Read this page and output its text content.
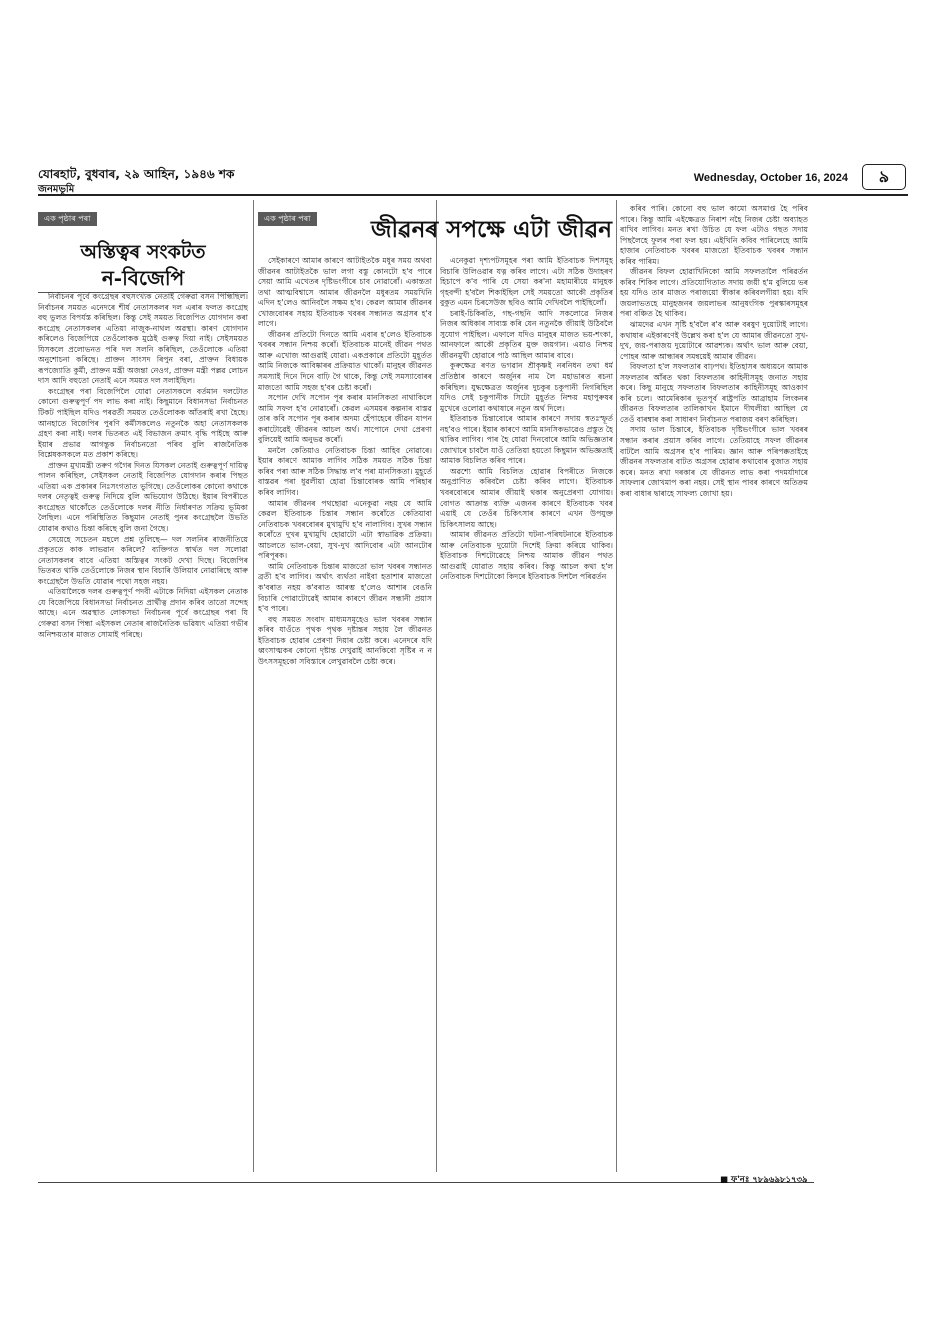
যোৰহাট, বুধবাৰ, ২৯ আহিন, ১৯৪৬ শক
জনমভূমি
Wednesday, October 16, 2024	৯
এক পৃষ্ঠাৰ পৰা
অস্তিত্বৰ সংকটত
ন-বিজেপি

নিৰ্বাচনৰ পূৰ্বে কংগ্ৰেছৰ বহুসংখ্যক নেতাই গেৰুৱা বসন পিন্ধিছিল। নিৰ্বাচনৰ সময়ত এনেদৰে শীৰ্ষ নেতাসকলৰ দল এৰাৰ ফলত কংগ্ৰেছ বহু ভুলত বিপৰ্যস্ত কৰিছিল। কিন্তু সেই সময়ত বিজেপিত যোগদান কৰা কংগ্ৰেছ নেতাসকলৰ এতিয়া নাজুক-নাথল অৱস্থা। কাৰণ যোগদান কৰিলেও বিজেপিয়ে তেওঁলোকক মুঠেই গুৰুত্ব দিয়া নাই। সেইসময়ত যিসকলে প্ৰলোভনত পৰি দল সলনি কৰিছিল, তেওঁলোকে এতিয়া অনুশোচনা কৰিছে। প্ৰাক্তন সাংসদ ৰিপুন বৰা, প্ৰাক্তন বিধায়ক ৰূপজ্যোতি কুৰ্মী, প্ৰাক্তন মন্ত্ৰী অজন্তা নেওগ, প্ৰাক্তন মন্ত্ৰী পল্লৱ লোচন দাস আদি বহুতো নেতাই এনে সময়ত দল সলাইছিল।

কংগ্ৰেছৰ পৰা বিজেপিলৈ যোৱা নেতাসকলে বৰ্তমান দলটোত কোনো গুৰুত্বপূৰ্ণ পদ লাভ কৰা নাই। কিছুমানে বিধানসভা নিৰ্বাচনত টিকট পাইছিল যদিও পৰৱৰ্তী সময়ত তেওঁলোকক আঁতৰাই ৰখা হৈছে। আনহাতে বিজেপিৰ পুৰণি কৰ্মীসকলেও নতুনকৈ অহা নেতাসকলক গ্ৰহণ কৰা নাই। দলৰ ভিতৰত এই বিভাজন ক্ৰমাৎ বৃদ্ধি পাইছে আৰু ইয়াৰ প্ৰভাৱ আগন্তুক নিৰ্বাচনতো পৰিব বুলি ৰাজনৈতিক বিশ্লেষকসকলে মত প্ৰকাশ কৰিছে।

প্ৰাক্তন মুখ্যমন্ত্ৰী তৰুণ গগৈৰ দিনত যিসকল নেতাই গুৰুত্বপূৰ্ণ দায়িত্ব পালন কৰিছিল, সেইসকল নেতাই বিজেপিত যোগদান কৰাৰ পিছত এতিয়া এক প্ৰকাৰৰ নিঃসংগতাত ভুগিছে। তেওঁলোকৰ কোনো কথাকে দলৰ নেতৃত্বই গুৰুত্ব নিদিয়ে বুলি অভিযোগ উঠিছে। ইয়াৰ বিপৰীতে কংগ্ৰেছত থাকোঁতে তেওঁলোকে দলৰ নীতি নিৰ্ধাৰণত সক্ৰিয় ভূমিকা লৈছিল। এনে পৰিস্থিতিত কিছুমান নেতাই পুনৰ কংগ্ৰেছলৈ উভতি যোৱাৰ কথাও চিন্তা কৰিছে বুলি জনা গৈছে।

সেয়েহে সচেতন মহলে প্ৰশ্ন তুলিছে— দল সলনিৰ ৰাজনীতিয়ে প্ৰকৃততে কাক লাভৱান কৰিলে? ব্যক্তিগত স্বাৰ্থত দল সলোৱা নেতাসকলৰ বাবে এতিয়া অস্তিত্বৰ সংকট দেখা দিছে। বিজেপিৰ ভিতৰত থাকি তেওঁলোকে নিজৰ স্থান বিচাৰি উলিয়াব নোৱাৰিছে আৰু কংগ্ৰেছলৈ উভতি যোৱাৰ পথো সহজ নহয়।

এতিয়ালৈকে দলৰ গুৰুত্বপূৰ্ণ পদবী এটাকে নিদিয়া এইসকল নেতাক যে বিজেপিয়ে বিধানসভা নিৰ্বাচনত প্ৰাৰ্থীত্ব প্ৰদান কৰিব তাতো সন্দেহ আছে। এনে অৱস্থাত লোকসভা নিৰ্বাচনৰ পূৰ্বে কংগ্ৰেছৰ পৰা যি গেৰুৱা বসন পিন্ধা এইসকল নেতাৰ ৰাজনৈতিক ভৱিষ্যৎ এতিয়া গভীৰ অনিশ্চয়তাৰ মাজত সোমাই পৰিছে।

এক পৃষ্ঠাৰ পৰা	জীৱনৰ সপক্ষে এটা জীৱন

সেইকাৰণে আমাৰ কাৰণে আটাইতকৈ মধুৰ সময় অথবা জীৱনৰ আটাইতকৈ ভাল লগা বস্তু কোনটো হ'ব পাৰে সেয়া আমি এখেতৰ দৃষ্টিভংগীৰে চাব নোৱাৰোঁ। একান্ততা তথা আত্মবিশ্বাসে আমাৰ জীৱনলৈ মধুৰতম সময়খিনি এদিন হ'লেও আনিবলৈ সক্ষম হ'ব। কেৱল আমাৰ জীৱনৰ খোজবোৰৰ সহায় ইতিবাচক খবৰৰ সন্ধানত অগ্ৰসৰ হ'ব লাগে।

জীৱনৰ প্ৰতিটো দিনতে আমি এবাৰ হ'লেও ইতিবাচক খবৰৰ সন্ধান নিশ্চয় কৰোঁ। ইতিবাচক মানেই জীৱন পথত আৰু এখোজ আগুৱাই যোৱা। একপ্ৰকাৰে প্ৰতিটো মুহূৰ্তত আমি নিজকে আবিষ্কাৰৰ প্ৰক্ৰিয়াত থাকোঁ। মানুহৰ জীৱনত সমস্যাই দিনে দিনে বাঢ়ি গৈ থাকে, কিন্তু সেই সমস্যাবোৰৰ মাজতো আমি সহজ হ'বৰ চেষ্টা কৰোঁ।

সপোন দেখি সপোন পূৰ কৰাৰ মানসিকতা নাথাকিলে আমি সফল হ'ব নোৱাৰোঁ। কেৱল এসময়ৰ কল্পনাৰ বাস্তৱ তাৰ কবি সপোন পূৰ কৰাৰ অদম্য হেঁপাহেৰে জীৱন যাপন কৰাটোৱেই জীৱনৰ আচল অৰ্থ। সাপোনে দেখা প্ৰেৰণা বুলিয়েই আমি অনুভৱ কৰোঁ।

মনলৈ কেতিয়াও নেতিবাচক চিন্তা আহিব নোৱাৰে। ইয়াৰ কাৰণে আমাক লাগিব সঠিক সময়ত সঠিক চিন্তা কৰিব পৰা আৰু সঠিক সিদ্ধান্ত ল'ব পৰা মানসিকতা। মুহূৰ্তে বাস্তৱৰ পৰা ধুৱলীয়া হোৱা চিন্তাবোৰক আমি পৰিহাৰ কৰিব লাগিব।

আমাৰ জীৱনৰ পথছোৱা এনেকুৱা নহয় যে আমি কেৱল ইতিবাচক চিন্তাৰ সন্ধান কৰোঁতে কেতিয়াবা নেতিবাচক খবৰবোৰৰ মুখামুখি হ'ব নালাগিব। সুখৰ সন্ধান কৰোঁতে দুখৰ মুখামুখি হোৱাটো এটা স্বাভাৱিক প্ৰক্ৰিয়া। আচলতে ভাল-বেয়া, সুখ-দুখ আদিবোৰ এটা আনটোৰ পৰিপূৰক।

আমি নেতিবাচক চিন্তাৰ মাজতো ভাল খবৰৰ সন্ধানত ব্ৰতী হ'ব লাগিব। অৰ্থাৎ ব্যৰ্থতা নাইবা হতাশাৰ মাজতো ক'বৰাত নহয় ক'বৰাত আৰম্ভ হ'লেও আশাৰ বেঙনি বিচাৰি পোৱাটোৱেই আমাৰ কাৰণে জীৱন সন্ধানী প্ৰয়াস হ'ব পাৰে।

বহু সময়ত সংবাদ মাধ্যমসমূহেও ভাল খবৰৰ সন্ধান কৰিব যাওঁতে পৃথক পৃথক দৃষ্টান্তৰ সহায় লৈ জীৱনত ইতিবাচক হোৱাৰ প্ৰেৰণা দিয়াৰ চেষ্টা কৰে। এনেদৰে যদি ধ্বংসাত্মকৰ কোনো দৃষ্টান্ত দেখুৱাই আনকিবো সৃষ্টিৰ ন ন উৎসসমূহকো সবিস্তাৰে লেখুৱাবলৈ চেষ্টা কৰে।

এনেকুৱা দৃশ্যপটসমূহৰ পৰা আমি ইতিবাচক দিশসমূহ বিচাৰি উলিওৱাৰ যত্ন কৰিব লাগে। এটা সঠিক উদাহৰণ হিচাপে ক'ব পাৰি যে সেয়া কৰ'না মহামাৰীয়ে মানুহক গৃহবন্দী হ'বলৈ শিকাইছিল সেই সময়তো আকৌ প্ৰকৃতিৰ বুকুত এমন চিৰসেউজ ছবিও আমি দেখিবলৈ পাইছিলোঁ।

চৰাই-চিকিৰতি, গছ-গছনি আদি সকলোৱে নিজৰ নিজৰ অধিকাৰ সাব্যস্ত কৰি যেন নতুনকৈ জীয়াই উঠিবলৈ সুযোগ পাইছিল। এফালে যদিও মানুহৰ মাজত ভয়-শংকা, আনফালে আকৌ প্ৰকৃতিৰ মুক্ত জয়গান। এয়াও নিশ্চয় জীৱনমুখী হোৱাৰে পাঠ আছিল আমাৰ বাবে।

কুৰুক্ষেত্ৰ ৰণত ভগৱান শ্ৰীকৃষ্ণই নৰনিধন তথা ধৰ্ম প্ৰতিষ্ঠাৰ কাৰণে অৰ্জুনৰ নাম লৈ মহাভাৰত ৰচনা কৰিছিল। যুদ্ধক্ষেত্ৰত অৰ্জুনৰ দুচকুৰ চকুপানী নিগৰিছিল যদিও সেই চকুপানীক সিটো মুহূৰ্তত নিশ্চয় মহাপুৰুষৰ মুখেৰে ওলোৱা কথাষাৰে নতুন অৰ্থ দিলে।

ইতিবাচক চিন্তাবোৰে আমাৰ কাৰণে সদায় স্বতঃস্ফূৰ্ত নহ'বও পাৰে। ইয়াৰ কাৰণে আমি মানসিকভাৱেও প্ৰস্তুত হৈ থাকিব লাগিব। পাৰ হৈ যোৱা দিনবোৰে আমি অভিজ্ঞতাৰ জোখাৰে চাবলৈ যাওঁ তেতিয়া হয়তো কিছুমান অভিজ্ঞতাই আমাক বিচলিত কৰিব পাৰে।

অৱশ্যে আমি বিচলিত হোৱাৰ বিপৰীতে নিজকে অনুপ্ৰাণিত কৰিবলৈ চেষ্টা কৰিব লাগে। ইতিবাচক খবৰবোৰৰে আমাৰ জীয়াই থকাৰ অনুপ্ৰেৰণা যোগায়। বোগত আক্ৰান্ত ব্যক্তি এজনৰ কাৰণে ইতিবাচক খবৰ এয়াই যে তেওঁৰ চিকিৎসাৰ কাৰণে এখন উপযুক্ত চিকিৎসালয় আছে।

আমাৰ জীৱনত প্ৰতিটো ঘটনা-পৰিঘটনাৰে ইতিবাচক আৰু নেতিবাচক দুয়োটা দিশেই ক্ৰিয়া কৰিয়ে থাকিব। ইতিবাচক দিশটোৱেহে নিশ্চয় আমাক জীৱন পথত আগুৱাই যোৱাত সহায় কৰিব। কিন্তু আচল কথা হ'ল নেতিবাচক দিশটোকো কিদৰে ইতিবাচক দিশলৈ পৰিৱৰ্তন

কৰিব পাৰি। কোনো বহু ভাল কামো অসমাপ্ত হৈ পৰিব পাৰে। কিন্তু আমি এইক্ষেত্ৰত নিৰাশ নহৈ নিজৰ চেষ্টা অব্যাহত ৰাখিব লাগিব। মনত ৰখা উচিত যে ফল এটাও গছত সদায় পিছলৈহে ফুলৰ পৰা ফল হয়। এইখিনি কবিব পাৰিলেহে আমি হাজাৰ নেতিবাচক খবৰৰ মাজতো ইতিবাচক খবৰৰ সন্ধান কৰিব পাৰিম।

জীৱনৰ বিফল হোৱাখিনিকো আমি সফলতালৈ পৰিৱৰ্তন কৰিব শিকিব লাগে। প্ৰতিযোগিতাত সদায় জয়ী হ'ম বুলিয়ে ভৰ হয় যদিও তাৰ মাজত পৰাজয়ো স্বীকাৰ কৰিবলগীয়া হয়। যদি জয়লাভতহে মানুহজনৰ জয়লাভৰ আনুষংগিক পুৰস্কাৰসমূহৰ পৰা বঞ্চিত হৈ থাকিব।

ঝামদেৱ এখন সৃষ্টি হ'বলৈ ৰ'ব আৰু বৰষুণ দুয়োটাই লাগে। কথাষাৰ এইকাৰণেই উল্লেখ কৰা হ'ল যে আমাৰ জীৱনতো সুখ-দুখ, জয়-পৰাজয় দুয়োটাৰে আৱশ্যক। অৰ্থাৎ ভাল আৰু বেয়া, পোহৰ আৰু আন্ধাৰৰ সমন্বয়েই আমাৰ জীৱন।

বিফলতা হ'ল সফলতাৰ বাঢ়পথ। ইতিহাসৰ অধ্যয়নে আমাক সফলতাৰ আঁৰত থকা বিফলতাৰ কাহিনীসমূহ জনাত সহায় কৰে। কিছু মানুহে সফলতাৰ বিফলতাৰ কাহিনীসমূহ আওকাণ কৰি চলে। আমেৰিকাৰ ভূতপূৰ্ব ৰাষ্ট্ৰপতি আব্ৰাহাম লিংকনৰ জীৱনত বিফলতাৰ তালিকাখন ইমানে দীঘলীয়া আছিল যে তেওঁ বাৰম্বাৰ কৰা সাধাৰণ নিৰ্বাচনত পৰাজয় বৰণ কৰিছিল।

সদায় ভাল চিন্তাৰে, ইতিবাচক দৃষ্টিভংগীৰে ভাল খবৰৰ সন্ধান কৰাৰ প্ৰয়াস কৰিব লাগে। তেতিয়াহে সফল জীৱনৰ বাটলৈ আমি অগ্ৰসৰ হ'ব পাৰিম। জ্ঞান আৰু পৰিপক্কতাইহে জীৱনৰ সফলতাৰ বাটত অগ্ৰসৰ হোৱাৰ কথাবোৰ বুজাত সহায় কৰে। মনত ৰখা দৰকাৰ যে জীৱনত লাভ কৰা পদমৰ্যাদাৰে সাফল্যৰ জোখমাপ কৰা নহয়। সেই স্থান পাবৰ কাৰণে অতিক্ৰম কৰা বাধাৰ দ্বাৰাহে সাফল্য জোখা হয়।

■ ফ'নঃ ৭৮৯৬৯৮১৭৩৯
